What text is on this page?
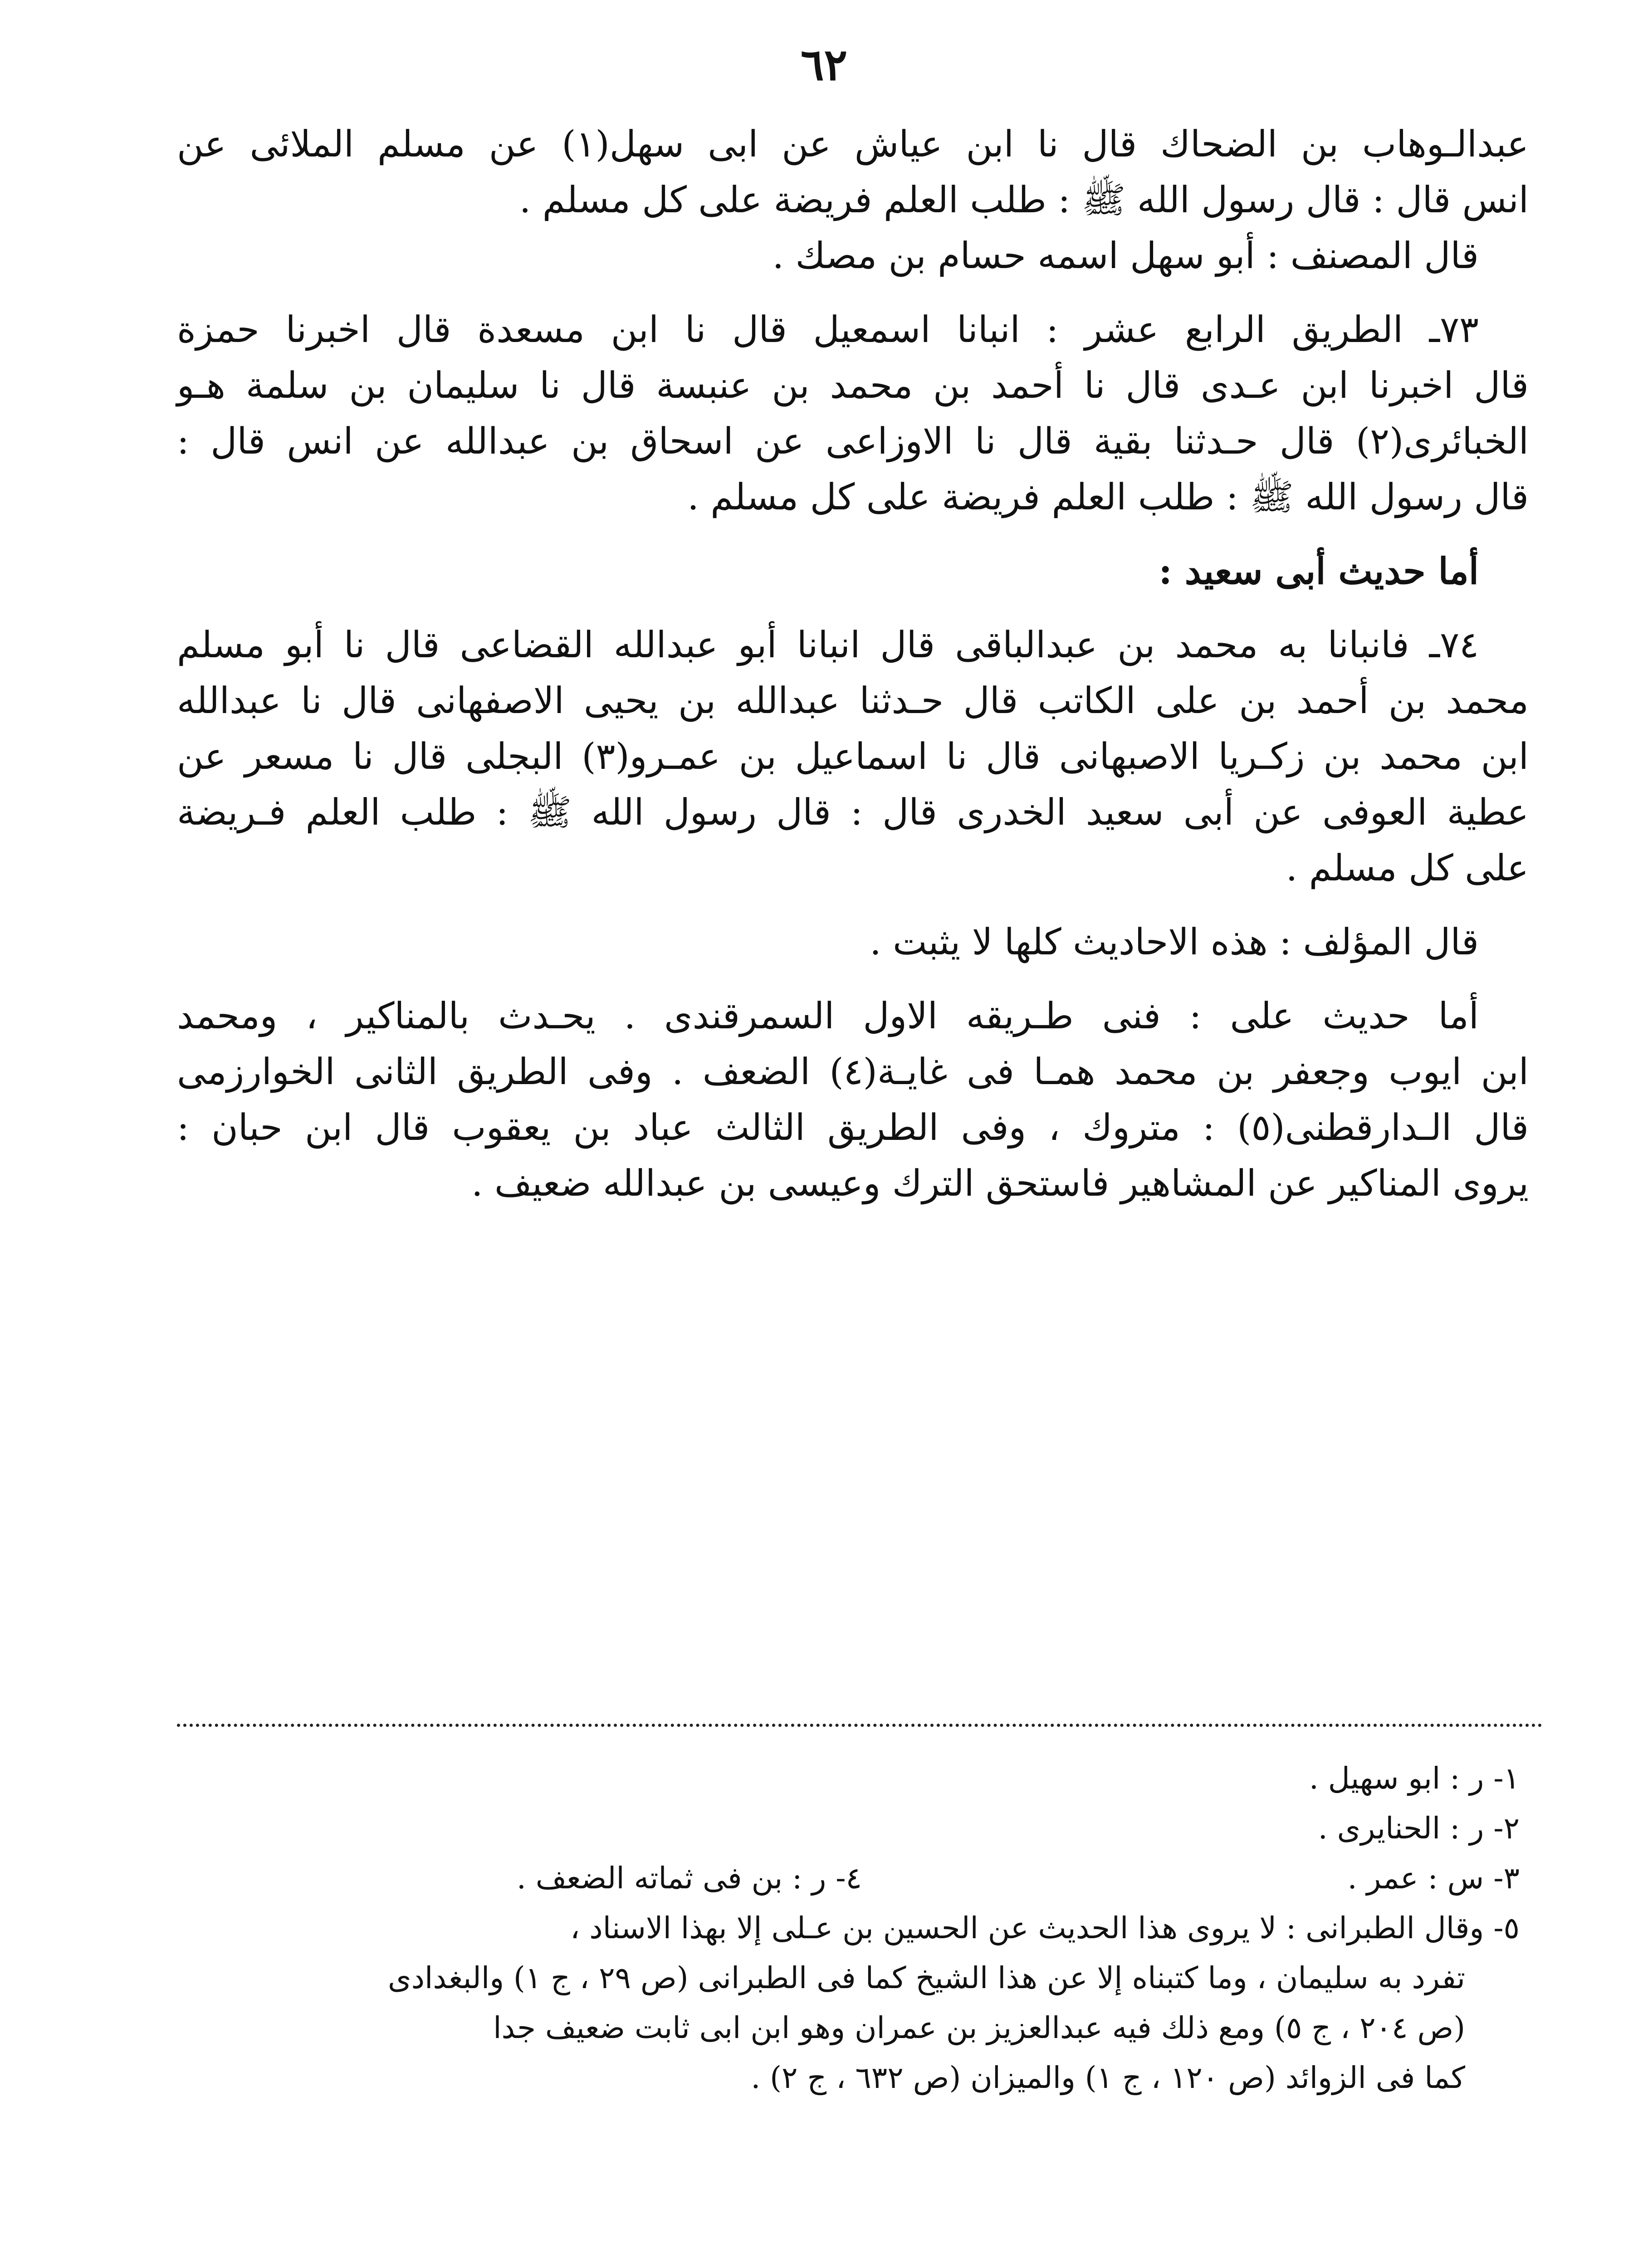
٦٢
عبدالـوهاب بن الضحاك قال نا ابن عياش عن ابى سهل(١) عن مسلم الملائى عن
انس قال : قال رسول الله ﷺ : طلب العلم فريضة على كل مسلم .
قال المصنف : أبو سهل اسمه حسام بن مصك .
٧٣ـ الطريق الرابع عشر : انبانا اسمعيل قال نا ابن مسعدة قال اخبرنا حمزة
قال اخبرنا ابن عـدى قال نا أحمد بن محمد بن عنبسة قال نا سليمان بن سلمة هـو
الخبائرى(٢) قال حـدثنا بقية قال نا الاوزاعى عن اسحاق بن عبدالله عن انس قال :
قال رسول الله ﷺ : طلب العلم فريضة على كل مسلم .
أما حديث أبى سعيد :
٧٤ـ فانبانا به محمد بن عبدالباقى قال انبانا أبو عبدالله القضاعى قال نا أبو مسلم
محمد بن أحمد بن على الكاتب قال حـدثنا عبدالله بن يحيى الاصفهانى قال نا عبدالله
ابن محمد بن زكـريا الاصبهانى قال نا اسماعيل بن عمـرو(٣) البجلى قال نا مسعر عن
عطية العوفى عن أبى سعيد الخدرى قال : قال رسول الله ﷺ : طلب العلم فـريضة
على كل مسلم .
قال المؤلف : هذه الاحاديث كلها لا يثبت .
أما حديث على : فنى طـريقه الاول السمرقندى . يحـدث بالمناكير ، ومحمد
ابن ايوب وجعفر بن محمد همـا فى غايـة(٤) الضعف . وفى الطريق الثانى الخوارزمى
قال الـدارقطنى(٥) : متروك ، وفى الطريق الثالث عباد بن يعقوب قال ابن حبان :
يروى المناكير عن المشاهير فاستحق الترك وعيسى بن عبدالله ضعيف .
١- ر : ابو سهيل .
٢- ر : الحنايرى .
٣- س : عمر .
٤- ر : بن فى ثماته الضعف .
٥- وقال الطبرانى : لا يروى هذا الحديث عن الحسين بن عـلى إلا بهذا الاسناد ،
تفرد به سليمان ، وما كتبناه إلا عن هذا الشيخ كما فى الطبرانى (ص ٢٩ ، ج ١) والبغدادى
(ص ٢٠٤ ، ج ٥) ومع ذلك فيه عبدالعزيز بن عمران وهو ابن ابى ثابت ضعيف جدا
كما فى الزوائد (ص ١٢٠ ، ج ١) والميزان (ص ٦٣٢ ، ج ٢) .
